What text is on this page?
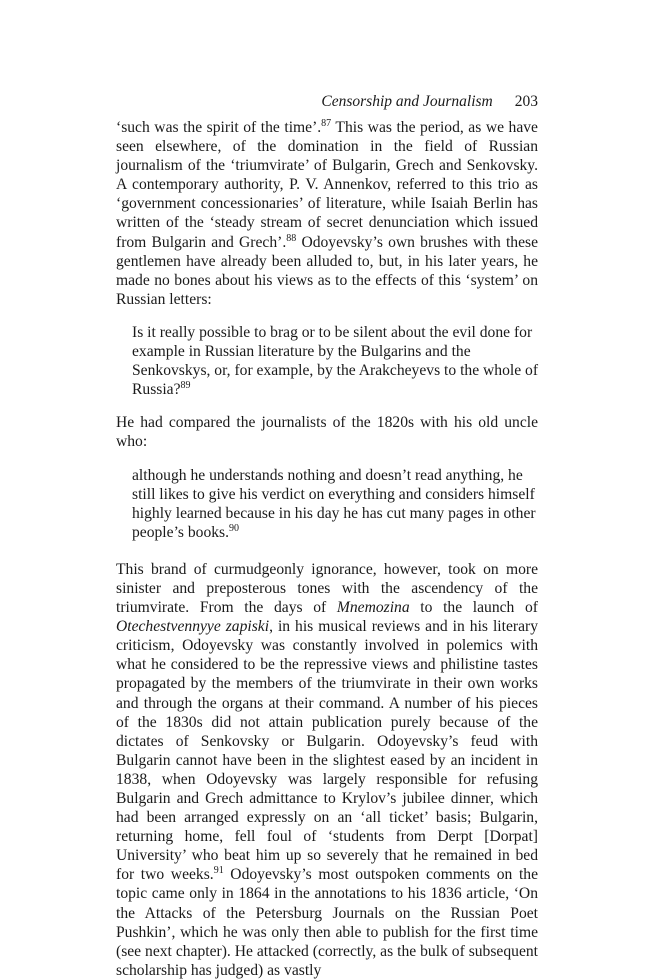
Censorship and Journalism 203

‘such was the spirit of the time’.$^{87}$ This was the period, as we have seen elsewhere, of the domination in the field of Russian journalism of the ‘triumvirate’ of Bulgarin, Grech and Senkovsky. A contemporary authority, P. V. Annenkov, referred to this trio as ‘government concessionaries’ of literature, while Isaiah Berlin has written of the ‘steady stream of secret denunciation which issued from Bulgarin and Grech’.$^{88}$ Odoyevsky’s own brushes with these gentlemen have already been alluded to, but, in his later years, he made no bones about his views as to the effects of this ‘system’ on Russian letters:

Is it really possible to brag or to be silent about the evil done for example in Russian literature by the Bulgarins and the Senkovskys, or, for example, by the Arakcheyevs to the whole of Russia?$^{89}$

He had compared the journalists of the 1820s with his old uncle who:

although he understands nothing and doesn’t read anything, he still likes to give his verdict on everything and considers himself highly learned because in his day he has cut many pages in other people’s books.$^{90}$

This brand of curmudgeonly ignorance, however, took on more sinister and preposterous tones with the ascendency of the triumvirate. From the days of Mnemozina to the launch of Otechestvennyye zapiski, in his musical reviews and in his literary criticism, Odoyevsky was constantly involved in polemics with what he considered to be the repressive views and philistine tastes propagated by the members of the triumvirate in their own works and through the organs at their command. A number of his pieces of the 1830s did not attain publication purely because of the dictates of Senkovsky or Bulgarin. Odoyevsky’s feud with Bulgarin cannot have been in the slightest eased by an incident in 1838, when Odoyevsky was largely responsible for refusing Bulgarin and Grech admittance to Krylov’s jubilee dinner, which had been arranged expressly on an ‘all ticket’ basis; Bulgarin, returning home, fell foul of ‘students from Derpt [Dorpat] University’ who beat him up so severely that he remained in bed for two weeks.$^{91}$ Odoyevsky’s most outspoken comments on the topic came only in 1864 in the annotations to his 1836 article, ‘On the Attacks of the Petersburg Journals on the Russian Poet Pushkin’, which he was only then able to publish for the first time (see next chapter). He attacked (correctly, as the bulk of subsequent scholarship has judged) as vastly
